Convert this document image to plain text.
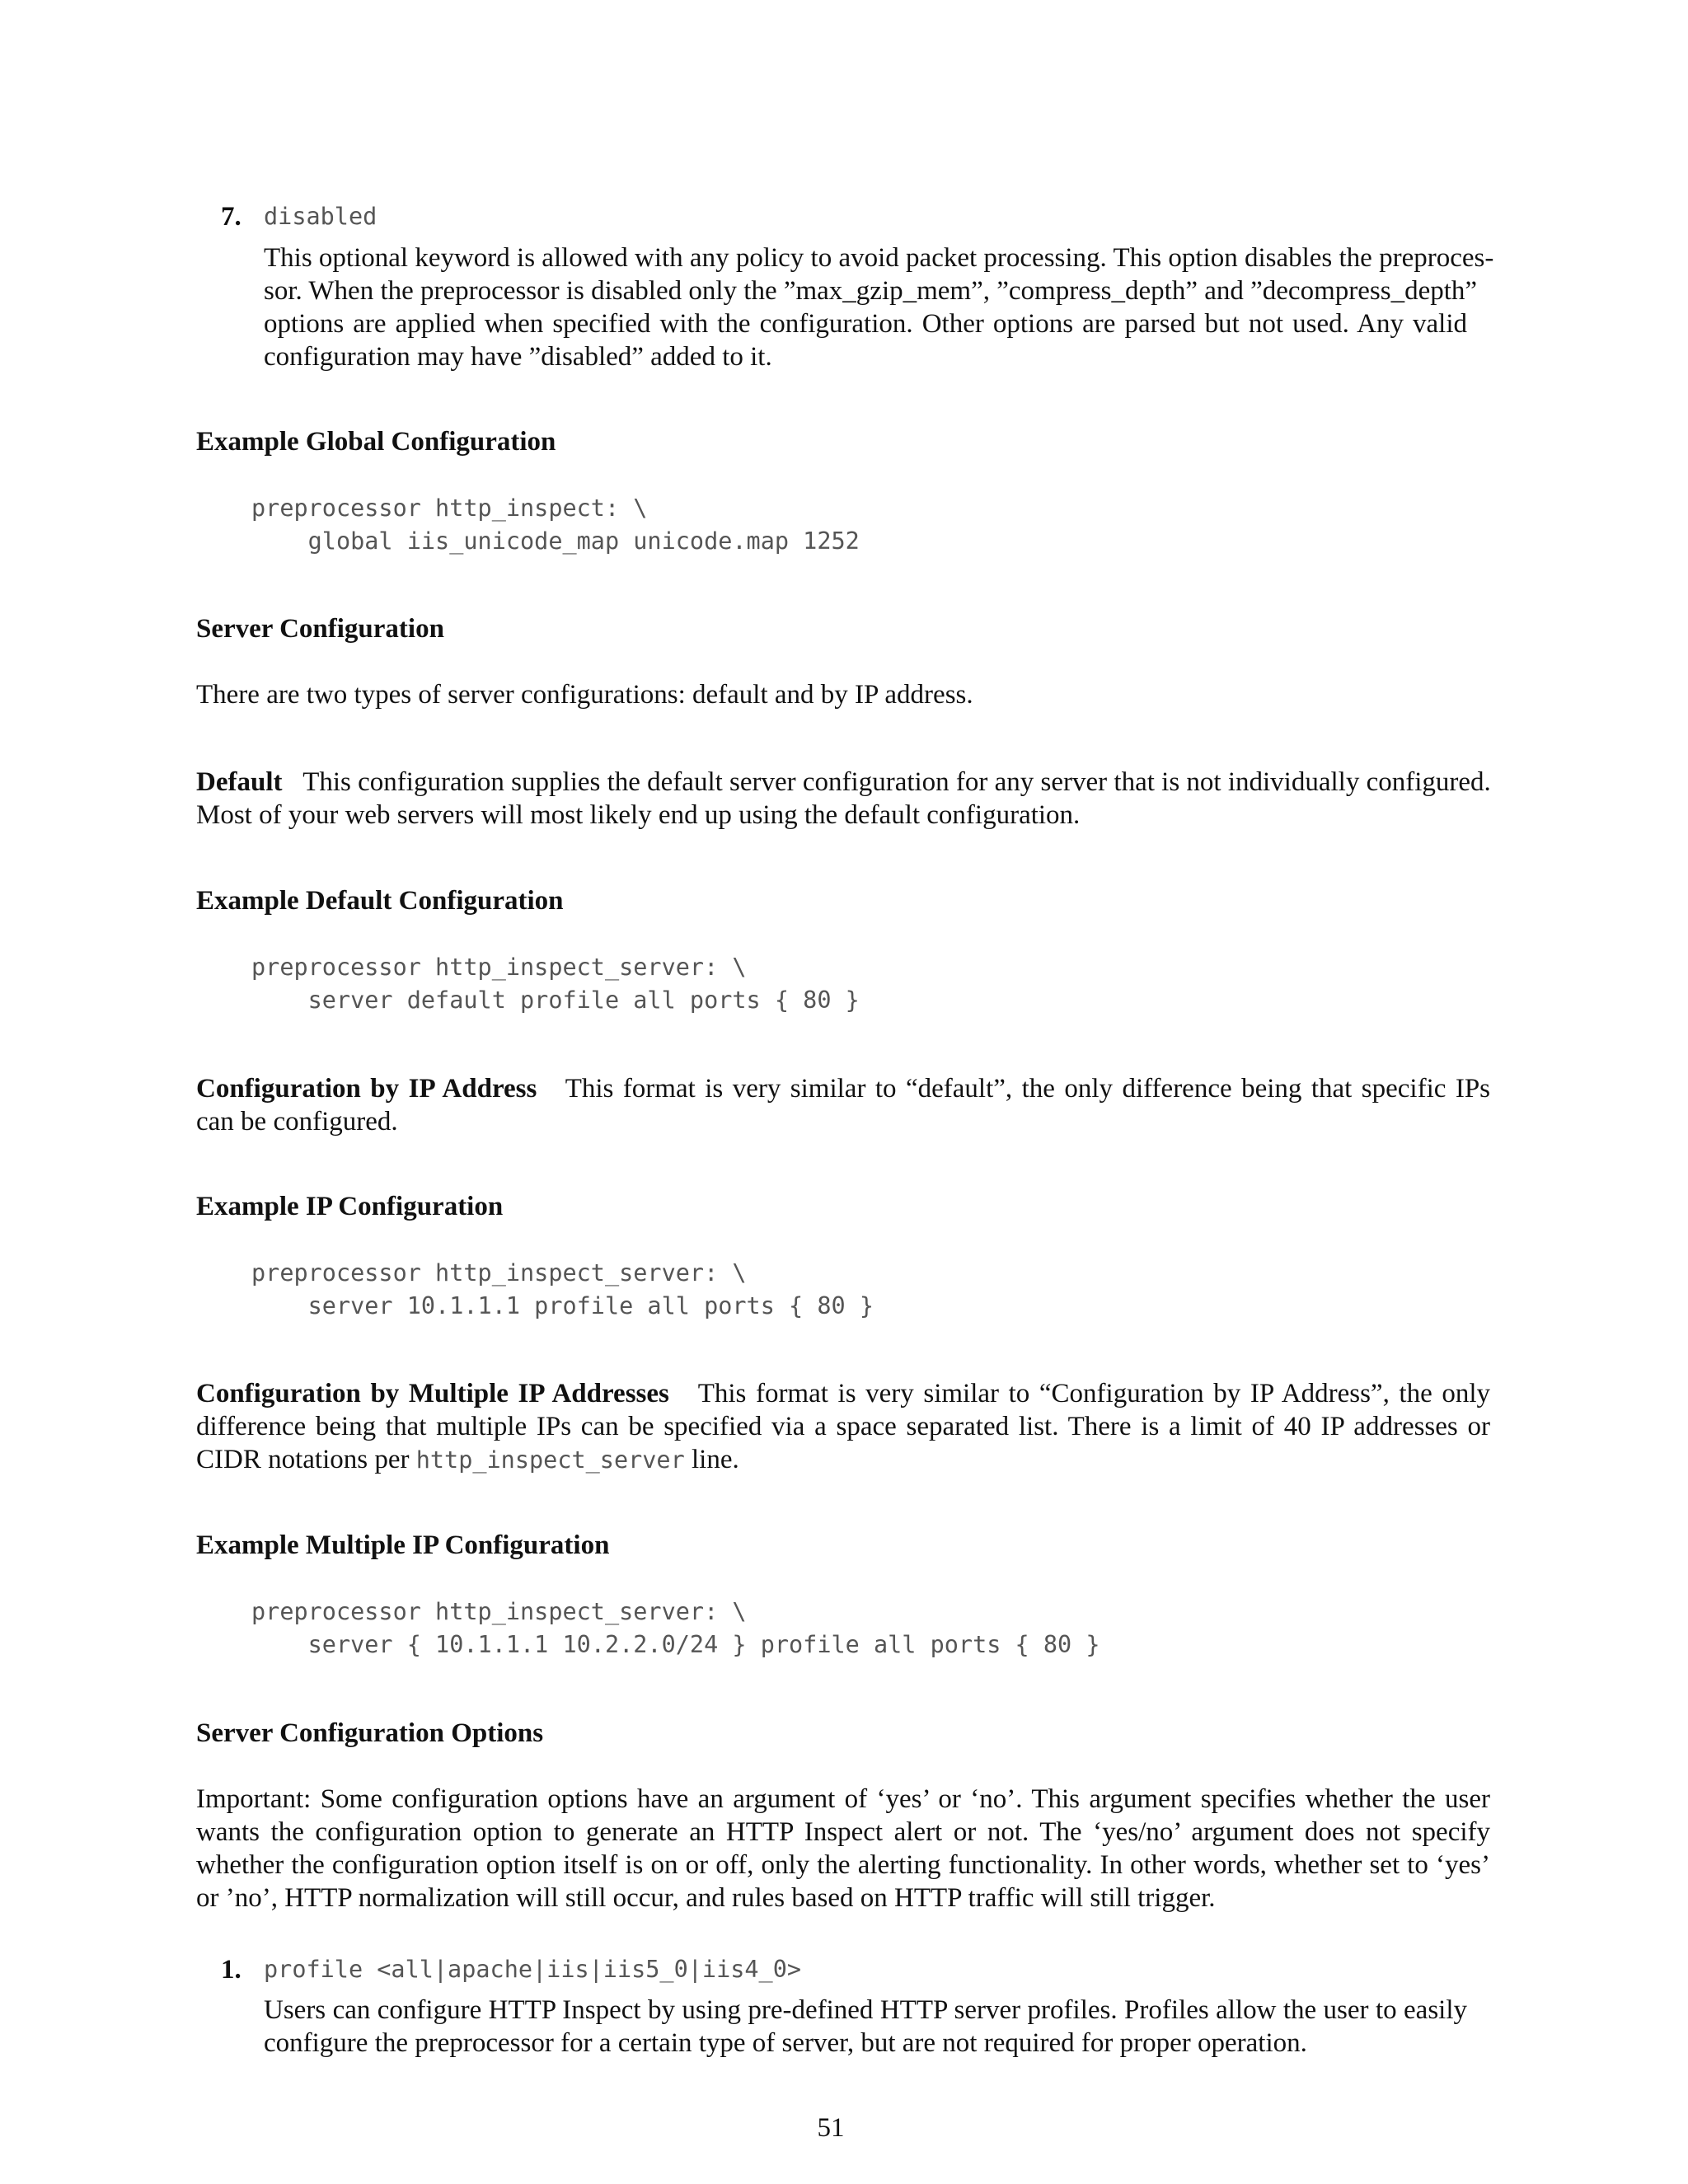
7. disabled
This optional keyword is allowed with any policy to avoid packet processing. This option disables the preproces-
sor. When the preprocessor is disabled only the ”max_gzip_mem”, ”compress_depth” and ”decompress_depth”
options are applied when specified with the configuration. Other options are parsed but not used. Any valid
configuration may have ”disabled” added to it.
Example Global Configuration
preprocessor http_inspect: \
global iis_unicode_map unicode.map 1252
Server Configuration
There are two types of server configurations: default and by IP address.
Default This configuration supplies the default server configuration for any server that is not individually configured.
Most of your web servers will most likely end up using the default configuration.
Example Default Configuration
preprocessor http_inspect_server: \
server default profile all ports { 80 }
Configuration by IP Address This format is very similar to “default”, the only difference being that specific IPs
can be configured.
Example IP Configuration
preprocessor http_inspect_server: \
server 10.1.1.1 profile all ports { 80 }
Configuration by Multiple IP Addresses This format is very similar to “Configuration by IP Address”, the only
difference being that multiple IPs can be specified via a space separated list. There is a limit of 40 IP addresses or
CIDR notations per http_inspect_server line.
Example Multiple IP Configuration
preprocessor http_inspect_server: \
server { 10.1.1.1 10.2.2.0/24 } profile all ports { 80 }
Server Configuration Options
Important: Some configuration options have an argument of ‘yes’ or ‘no’. This argument specifies whether the user
wants the configuration option to generate an HTTP Inspect alert or not. The ‘yes/no’ argument does not specify
whether the configuration option itself is on or off, only the alerting functionality. In other words, whether set to ‘yes’
or ’no’, HTTP normalization will still occur, and rules based on HTTP traffic will still trigger.
1. profile <all|apache|iis|iis5_0|iis4_0>
Users can configure HTTP Inspect by using pre-defined HTTP server profiles. Profiles allow the user to easily
configure the preprocessor for a certain type of server, but are not required for proper operation.
51
